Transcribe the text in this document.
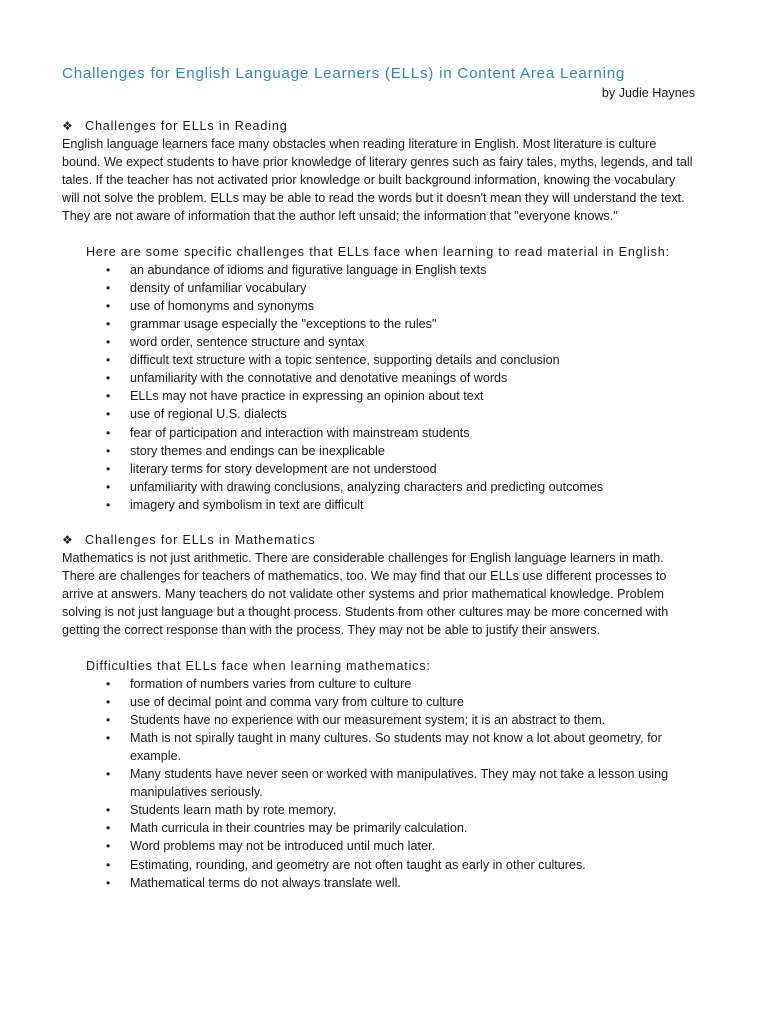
Challenges for English Language Learners (ELLs) in Content Area Learning
by Judie Haynes
❖ Challenges for ELLs in Reading

English language learners face many obstacles when reading literature in English. Most literature is culture bound. We expect students to have prior knowledge of literary genres such as fairy tales, myths, legends, and tall tales. If the teacher has not activated prior knowledge or built background information, knowing the vocabulary will not solve the problem. ELLs may be able to read the words but it doesn't mean they will understand the text. They are not aware of information that the author left unsaid; the information that "everyone knows."

Here are some specific challenges that ELLs face when learning to read material in English:
• an abundance of idioms and figurative language in English texts
• density of unfamiliar vocabulary
• use of homonyms and synonyms
• grammar usage especially the "exceptions to the rules"
• word order, sentence structure and syntax
• difficult text structure with a topic sentence, supporting details and conclusion
• unfamiliarity with the connotative and denotative meanings of words
• ELLs may not have practice in expressing an opinion about text
• use of regional U.S. dialects
• fear of participation and interaction with mainstream students
• story themes and endings can be inexplicable
• literary terms for story development are not understood
• unfamiliarity with drawing conclusions, analyzing characters and predicting outcomes
• imagery and symbolism in text are difficult
❖ Challenges for ELLs in Mathematics

Mathematics is not just arithmetic. There are considerable challenges for English language learners in math. There are challenges for teachers of mathematics, too. We may find that our ELLs use different processes to arrive at answers. Many teachers do not validate other systems and prior mathematical knowledge. Problem solving is not just language but a thought process. Students from other cultures may be more concerned with getting the correct response than with the process. They may not be able to justify their answers.

Difficulties that ELLs face when learning mathematics:
• formation of numbers varies from culture to culture
• use of decimal point and comma vary from culture to culture
• Students have no experience with our measurement system; it is an abstract to them.
• Math is not spirally taught in many cultures. So students may not know a lot about geometry, for example.
• Many students have never seen or worked with manipulatives. They may not take a lesson using manipulatives seriously.
• Students learn math by rote memory.
• Math curricula in their countries may be primarily calculation.
• Word problems may not be introduced until much later.
• Estimating, rounding, and geometry are not often taught as early in other cultures.
• Mathematical terms do not always translate well.
